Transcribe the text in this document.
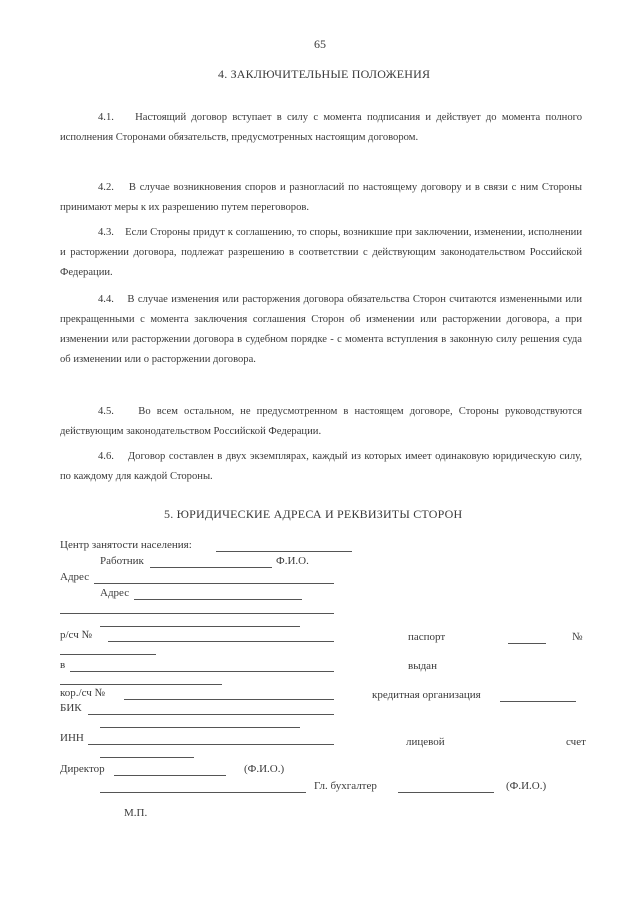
65
4. ЗАКЛЮЧИТЕЛЬНЫЕ ПОЛОЖЕНИЯ
4.1. Настоящий договор вступает в силу с момента подписания и действует до момента полного исполнения Сторонами обязательств, предусмотренных настоящим договором.
4.2. В случае возникновения споров и разногласий по настоящему договору и в связи с ним Стороны принимают меры к их разрешению путем переговоров.
4.3. Если Стороны придут к соглашению, то споры, возникшие при заключении, изменении, исполнении и расторжении договора, подлежат разрешению в соответствии с действующим законодательством Российской Федерации.
4.4. В случае изменения или расторжения договора обязательства Сторон считаются измененными или прекращенными с момента заключения соглашения Сторон об изменении или расторжении договора, а при изменении или расторжении договора в судебном порядке - с момента вступления в законную силу решения суда об изменении или о расторжении договора.
4.5. Во всем остальном, не предусмотренном в настоящем договоре, Стороны руководствуются действующим законодательством Российской Федерации.
4.6. Договор составлен в двух экземплярах, каждый из которых имеет одинаковую юридическую силу, по каждому для каждой Стороны.
5. ЮРИДИЧЕСКИЕ АДРЕСА И РЕКВИЗИТЫ СТОРОН
Центр занятости населения:
Работник	Ф.И.О.
Адрес
Адрес
р/сч №	паспорт	№
в	выдан
кор./сч №	кредитная организация
БИК
ИНН	лицевой	счет
Директор	(Ф.И.О.)
Гл. бухгалтер	(Ф.И.О.)
М.П.
